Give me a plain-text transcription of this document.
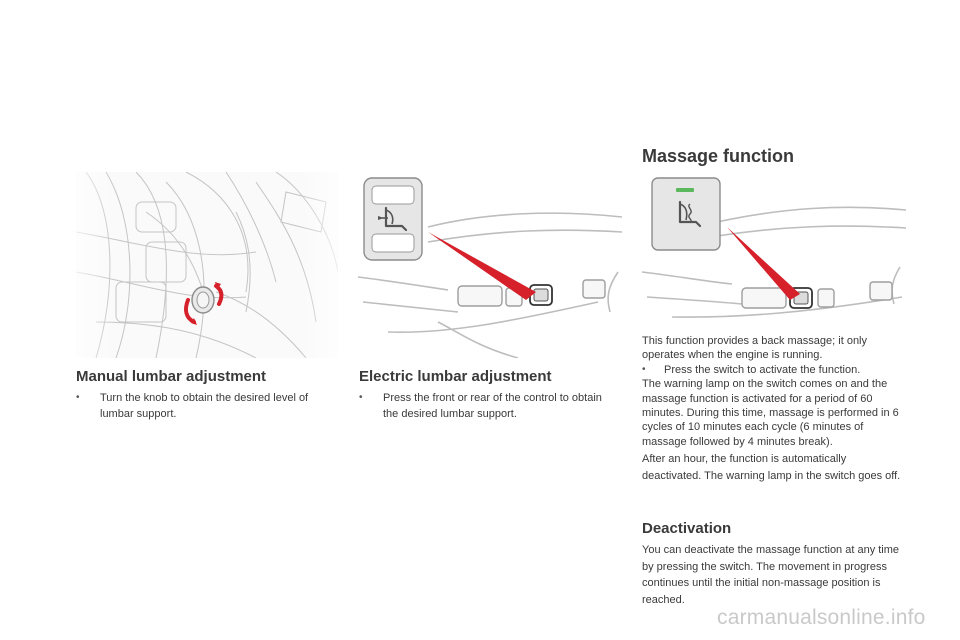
Manual lumbar adjustment
•	Turn the knob to obtain the desired level of lumbar support.
Electric lumbar adjustment
•	Press the front or rear of the control to obtain the desired lumbar support.
Massage function

This function provides a back massage; it only operates when the engine is running.

•	Press the switch to activate the function.

The warning lamp on the switch comes on and the massage function is activated for a period of 60 minutes. During this time, massage is performed in 6 cycles of 10 minutes each cycle (6 minutes of massage followed by 4 minutes break).

After an hour, the function is automatically deactivated. The warning lamp in the switch goes off.

Deactivation

You can deactivate the massage function at any time by pressing the switch. The movement in progress continues until the initial non-massage position is reached.

carmanualsonline.info
